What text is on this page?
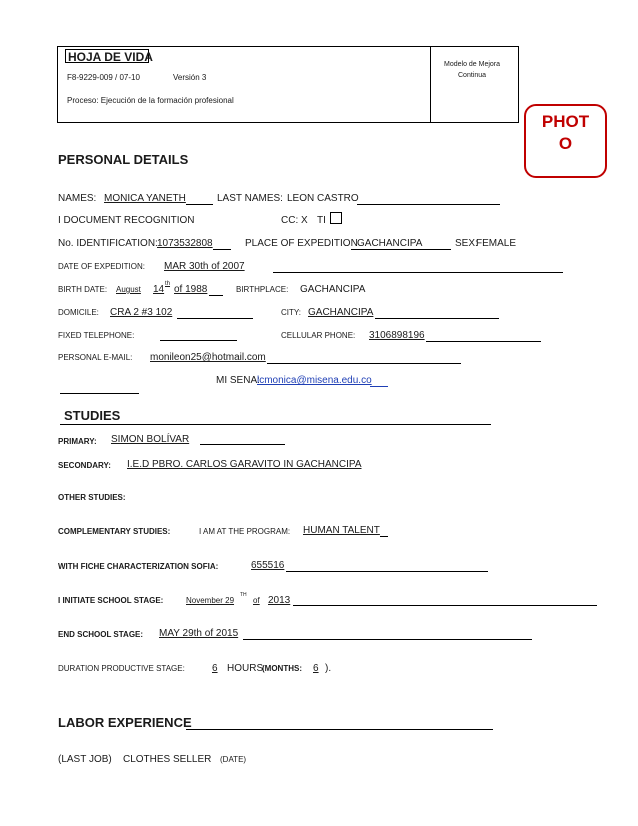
HOJA DE VIDA
F8-9229-009 / 07-10	Versión 3
Proceso: Ejecución de la formación profesional
Modelo de Mejora
Continua
PHOT
O
PERSONAL DETAILS
NAMES: MONICA YANETH	LAST NAMES: LEON CASTRO
I DOCUMENT RECOGNITION	CC: X TI
No. IDENTIFICATION: 1073532808	PLACE OF EXPEDITION GACHANCIPA	SEX:
FEMALE
DATE OF EXPEDITION: MAR 30th of 2007
BIRTH DATE: August 14 th of 1988	BIRTHPLACE: GACHANCIPA
DOMICILE: CRA 2 #3 102	CITY: GACHANCIPA
FIXED TELEPHONE:	CELLULAR PHONE: 3106898196
PERSONAL E-MAIL: monileon25@hotmail.com
MI SENA:
lcmonica@misena.edu.co
STUDIES
PRIMARY: SIMON BOLÍVAR
SECONDARY: I.E.D PBRO. CARLOS GARAVITO IN GACHANCIPA
OTHER STUDIES:
COMPLEMENTARY STUDIES:	I AM AT THE PROGRAM: HUMAN TALENT
WITH FICHE CHARACTERIZATION SOFIA:	655516
I INITIATE SCHOOL STAGE:	November 29
TH
of 2013
END SCHOOL STAGE: MAY 29th of 2015
DURATION PRODUCTIVE STAGE:	6 HOURS
(MONTHS: 6 ).
LABOR EXPERIENCE
(LAST JOB) CLOTHES SELLER (DATE)
